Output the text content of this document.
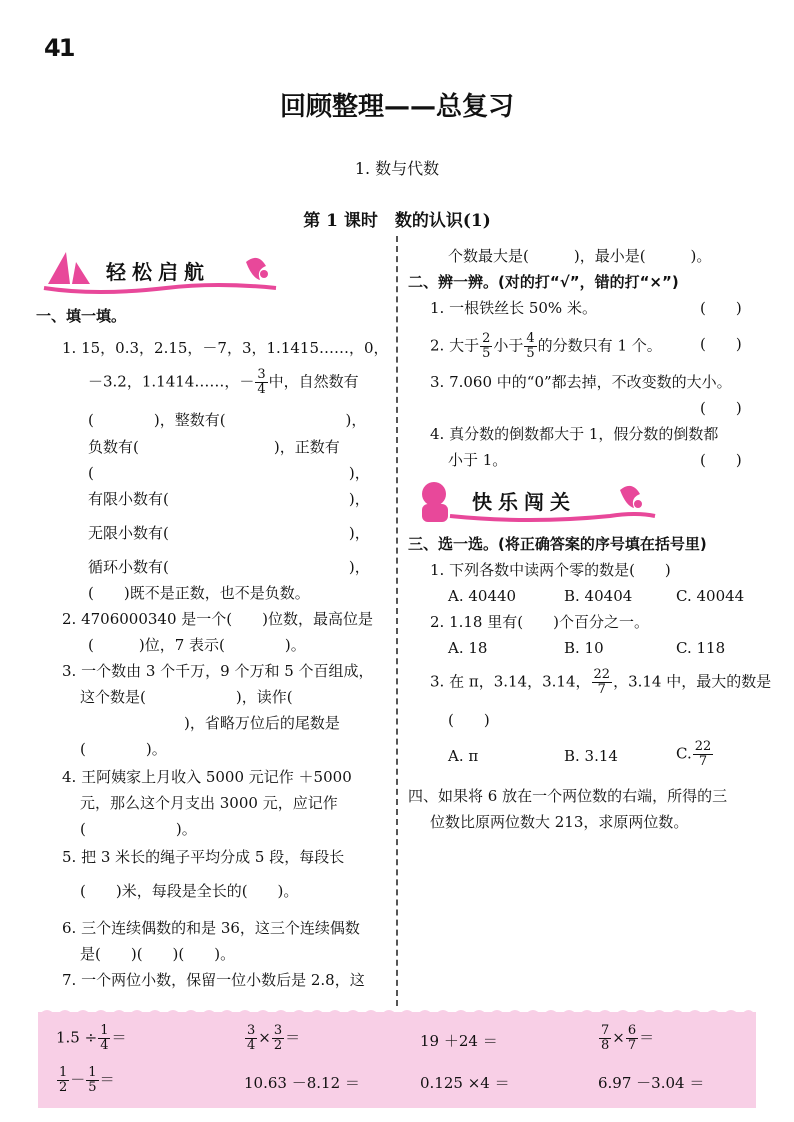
41
回顾整理——总复习
1. 数与代数
第 1 课时　数的认识(1)
轻松启航
一、填一填。
1. 15，0.3，2.15，－7，3，1.1415……，0，
－3.2，1.1414……，－ $\frac{3}{4}$ 中，自然数有
(　　　　)，整数有(　　　　　　　　)，
负数有(　　　　　　　　　)，正数有
(　　　　　　　　　　　　　　　　　)，
有限小数有(　　　　　　　　　　　　)，
无限小数有(　　　　　　　　　　　　)，
循环小数有(　　　　　　　　　　　　)，
(　　)既不是正数，也不是负数。
2. 4706000340 是一个(　　)位数，最高位是
(　　　)位，7 表示(　　　　)。
3. 一个数由 3 个千万，9 个万和 5 个百组成，
这个数是(　　　　　　)，读作(
)，省略万位后的尾数是
(　　　　)。
4. 王阿姨家上月收入 5000 元记作 ＋5000
元，那么这个月支出 3000 元，应记作
(　　　　　　)。
5. 把 3 米长的绳子平均分成 5 段，每段长
(　　)米，每段是全长的(　　)。
6. 三个连续偶数的和是 36，这三个连续偶数
是(　　)(　　)(　　)。
7. 一个两位小数，保留一位小数后是 2.8，这
个数最大是(　　　)，最小是(　　　)。
二、辨一辨。(对的打“√”，错的打“×”)
1. 一根铁丝长 50% 米。	(　　)
2. 大于 $\frac{2}{5}$ 小于 $\frac{4}{5}$ 的分数只有 1 个。	(　　)
3. 7.060 中的“0”都去掉，不改变数的大小。
(　　)
4. 真分数的倒数都大于 1，假分数的倒数都
小于 1。	(　　)
快乐闯关
三、选一选。(将正确答案的序号填在括号里)
1. 下列各数中读两个零的数是(　　)
A. 40440	B. 40404	C. 40044
2. 1.18 里有(　　)个百分之一。
A. 18	B. 10	C. 118
3. 在 π，3.14，3.14， $\frac{22}{7}$ ，3.14 中，最大的数是
(　　)
A. π	B. 3.14	C. $\frac{22}{7}$
四、如果将 6 放在一个两位数的右端，所得的三
位数比原两位数大 213，求原两位数。
$1.5 \div \frac{1}{4}$ ＝	$\frac{3}{4} \times \frac{3}{2}$ ＝	19 ＋24 ＝	$\frac{7}{8} \times \frac{6}{7}$ ＝
$\frac{1}{2} - \frac{1}{5}$ ＝	10.63 －8.12 ＝	0.125 ×4 ＝	6.97 －3.04 ＝
